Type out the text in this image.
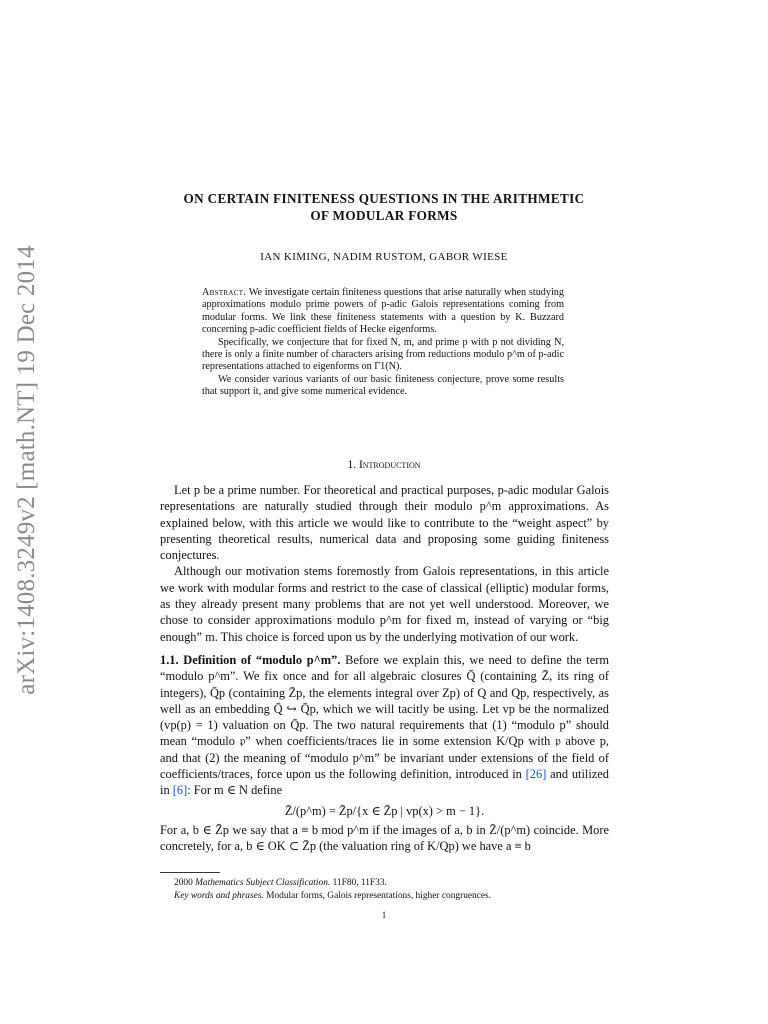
arXiv:1408.3249v2 [math.NT] 19 Dec 2014
ON CERTAIN FINITENESS QUESTIONS IN THE ARITHMETIC
OF MODULAR FORMS
IAN KIMING, NADIM RUSTOM, GABOR WIESE

Abstract. We investigate certain finiteness questions that arise naturally when studying approximations modulo prime powers of p-adic Galois representations coming from modular forms. We link these finiteness statements with a question by K. Buzzard concerning p-adic coefficient fields of Hecke eigenforms.

Specifically, we conjecture that for fixed N, m, and prime p with p not dividing N, there is only a finite number of characters arising from reductions modulo p^m of p-adic representations attached to eigenforms on Γ1(N).

We consider various variants of our basic finiteness conjecture, prove some results that support it, and give some numerical evidence.

1. Introduction

Let p be a prime number. For theoretical and practical purposes, p-adic modular Galois representations are naturally studied through their modulo p^m approximations. As explained below, with this article we would like to contribute to the “weight aspect” by presenting theoretical results, numerical data and proposing some guiding finiteness conjectures.

Although our motivation stems foremostly from Galois representations, in this article we work with modular forms and restrict to the case of classical (elliptic) modular forms, as they already present many problems that are not yet well understood. Moreover, we chose to consider approximations modulo p^m for fixed m, instead of varying or “big enough” m. This choice is forced upon us by the underlying motivation of our work.

1.1. Definition of “modulo p^m”. Before we explain this, we need to define the term “modulo p^m”. We fix once and for all algebraic closures Q̄ (containing Z̄, its ring of integers), Q̄p (containing Z̄p, the elements integral over Zp) of Q and Qp, respectively, as well as an embedding Q̄ ↪ Q̄p, which we will tacitly be using. Let vp be the normalized (vp(p) = 1) valuation on Q̄p. The two natural requirements that (1) “modulo p” should mean “modulo 𝔭” when coefficients/traces lie in some extension K/Qp with 𝔭 above p, and that (2) the meaning of “modulo p^m” be invariant under extensions of the field of coefficients/traces, force upon us the following definition, introduced in [26] and utilized in [6]: For m ∈ N define

Z̄/(p^m) = Z̄p/{x ∈ Z̄p | vp(x) > m − 1}.

For a, b ∈ Z̄p we say that a ≡ b mod p^m if the images of a, b in Z̄/(p^m) coincide. More concretely, for a, b ∈ OK ⊂ Z̄p (the valuation ring of K/Qp) we have a ≡ b

2000 Mathematics Subject Classification. 11F80, 11F33.
Key words and phrases. Modular forms, Galois representations, higher congruences.
1
